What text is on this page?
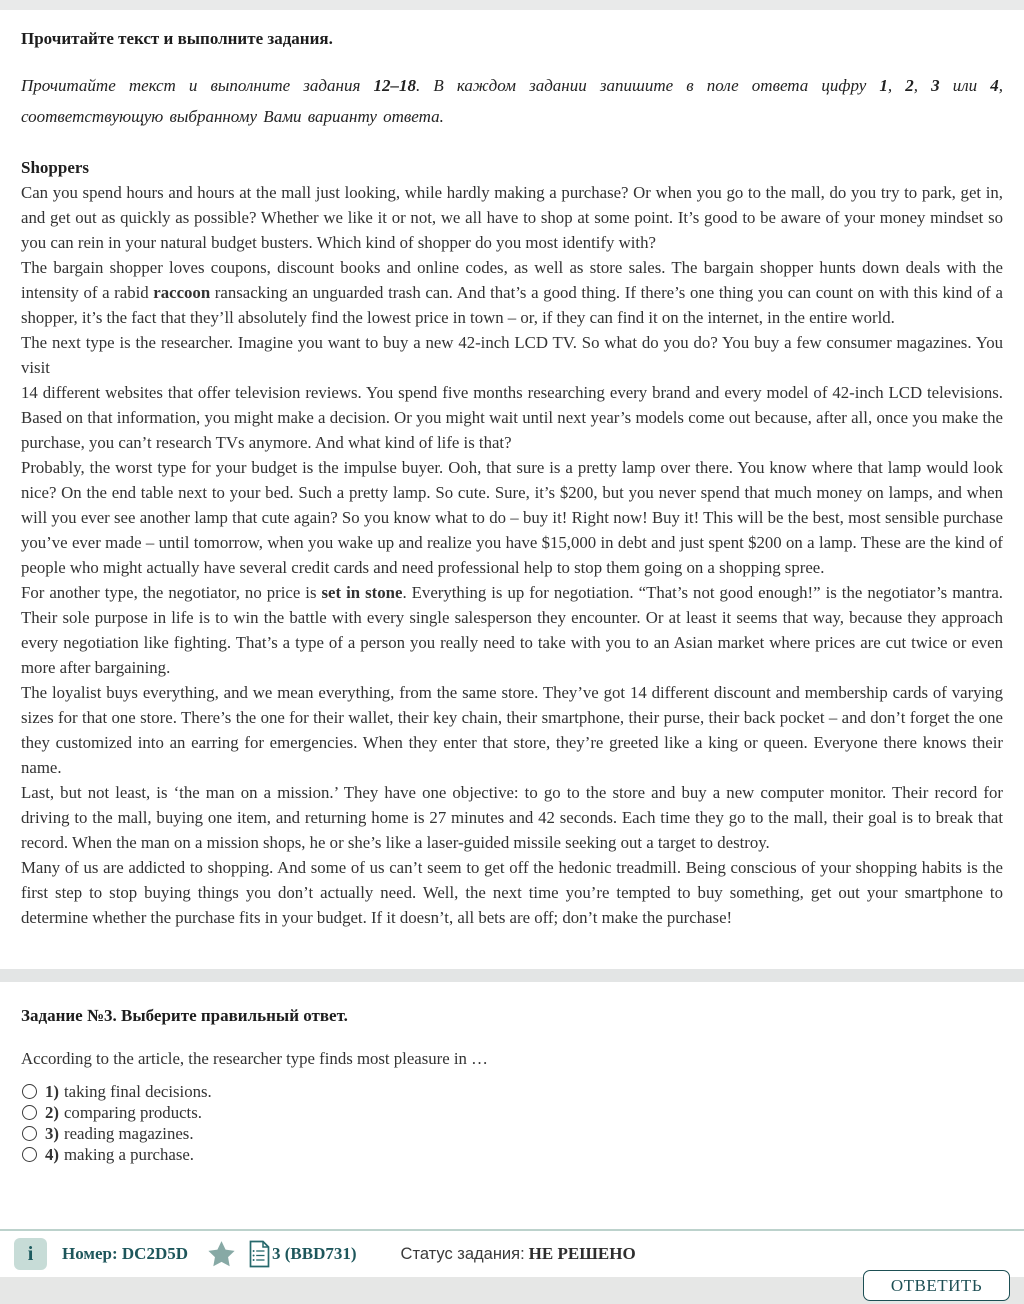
Прочитайте текст и выполните задания.

Прочитайте текст и выполните задания 12–18. В каждом задании запишите в поле ответа цифру 1, 2, 3 или 4, соответствующую выбранному Вами варианту ответа.

Shoppers

Can you spend hours and hours at the mall just looking, while hardly making a purchase? Or when you go to the mall, do you try to park, get in, and get out as quickly as possible? Whether we like it or not, we all have to shop at some point. It’s good to be aware of your money mindset so you can rein in your natural budget busters. Which kind of shopper do you most identify with?

The bargain shopper loves coupons, discount books and online codes, as well as store sales. The bargain shopper hunts down deals with the intensity of a rabid raccoon ransacking an unguarded trash can. And that’s a good thing. If there’s one thing you can count on with this kind of a shopper, it’s the fact that they’ll absolutely find the lowest price in town – or, if they can find it on the internet, in the entire world.

The next type is the researcher. Imagine you want to buy a new 42-inch LCD TV. So what do you do? You buy a few consumer magazines. You visit

14 different websites that offer television reviews. You spend five months researching every brand and every model of 42-inch LCD televisions. Based on that information, you might make a decision. Or you might wait until next year’s models come out because, after all, once you make the purchase, you can’t research TVs anymore. And what kind of life is that?

Probably, the worst type for your budget is the impulse buyer. Ooh, that sure is a pretty lamp over there. You know where that lamp would look nice? On the end table next to your bed. Such a pretty lamp. So cute. Sure, it’s $200, but you never spend that much money on lamps, and when will you ever see another lamp that cute again? So you know what to do – buy it! Right now! Buy it! This will be the best, most sensible purchase you’ve ever made – until tomorrow, when you wake up and realize you have $15,000 in debt and just spent $200 on a lamp. These are the kind of people who might actually have several credit cards and need professional help to stop them going on a shopping spree.

For another type, the negotiator, no price is set in stone. Everything is up for negotiation. “That’s not good enough!” is the negotiator’s mantra. Their sole purpose in life is to win the battle with every single salesperson they encounter. Or at least it seems that way, because they approach every negotiation like fighting. That’s a type of a person you really need to take with you to an Asian market where prices are cut twice or even more after bargaining.

The loyalist buys everything, and we mean everything, from the same store. They’ve got 14 different discount and membership cards of varying sizes for that one store. There’s the one for their wallet, their key chain, their smartphone, their purse, their back pocket – and don’t forget the one they customized into an earring for emergencies. When they enter that store, they’re greeted like a king or queen. Everyone there knows their name.

Last, but not least, is ‘the man on a mission.’ They have one objective: to go to the store and buy a new computer monitor. Their record for driving to the mall, buying one item, and returning home is 27 minutes and 42 seconds. Each time they go to the mall, their goal is to break that record. When the man on a mission shops, he or she’s like a laser-guided missile seeking out a target to destroy.

Many of us are addicted to shopping. And some of us can’t seem to get off the hedonic treadmill. Being conscious of your shopping habits is the first step to stop buying things you don’t actually need. Well, the next time you’re tempted to buy something, get out your smartphone to determine whether the purchase fits in your budget. If it doesn’t, all bets are off; don’t make the purchase!

Задание №3. Выберите правильный ответ.

According to the article, the researcher type finds most pleasure in …

1) taking final decisions.
2) comparing products.
3) reading magazines.
4) making a purchase.
i	Номер: DC2D5D	3 (BBD731)	Статус задания: НЕ РЕШЕНО
ОТВЕТИТЬ
